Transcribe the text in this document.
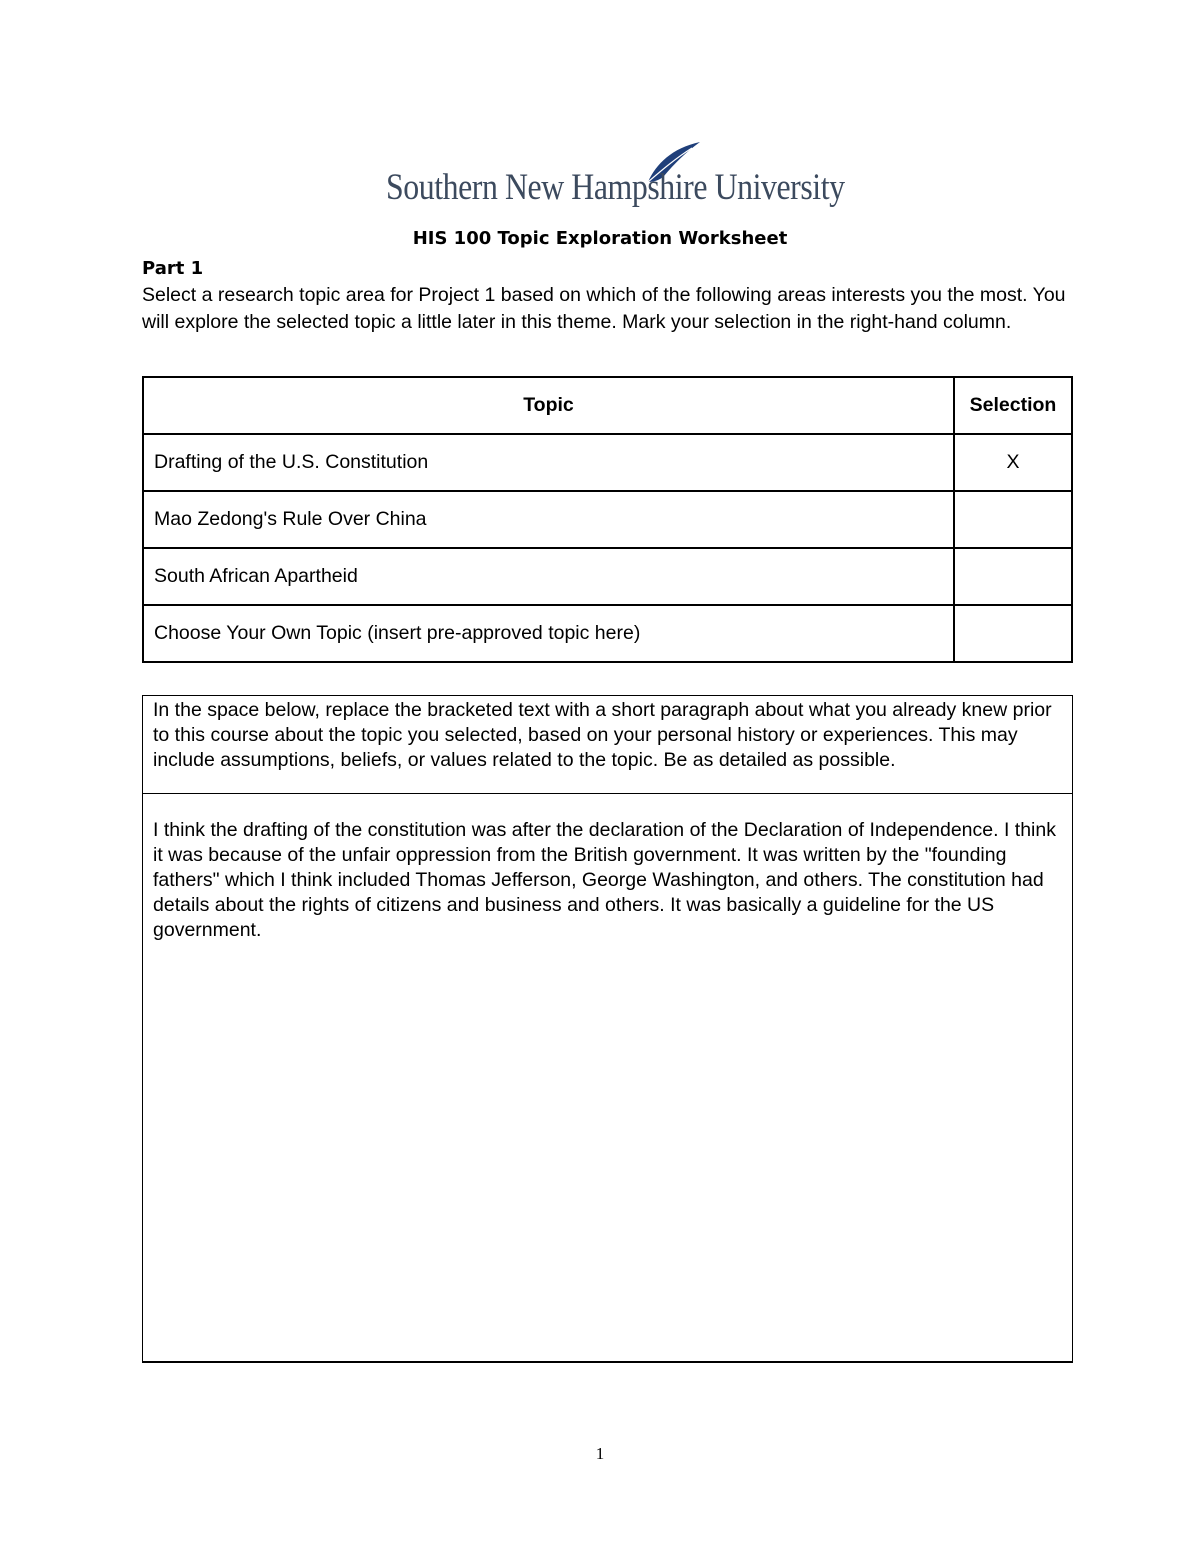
Southern New Hampshire University
HIS 100 Topic Exploration Worksheet
Part 1
Select a research topic area for Project 1 based on which of the following areas interests you the most. You will explore the selected topic a little later in this theme. Mark your selection in the right-hand column.
Topic	Selection
Drafting of the U.S. Constitution	X
Mao Zedong's Rule Over China	
South African Apartheid	
Choose Your Own Topic (insert pre-approved topic here)	
In the space below, replace the bracketed text with a short paragraph about what you already knew prior to this course about the topic you selected, based on your personal history or experiences. This may include assumptions, beliefs, or values related to the topic. Be as detailed as possible.
I think the drafting of the constitution was after the declaration of the Declaration of Independence. I think it was because of the unfair oppression from the British government. It was written by the "founding fathers" which I think included Thomas Jefferson, George Washington, and others. The constitution had details about the rights of citizens and business and others. It was basically a guideline for the US government.
1
